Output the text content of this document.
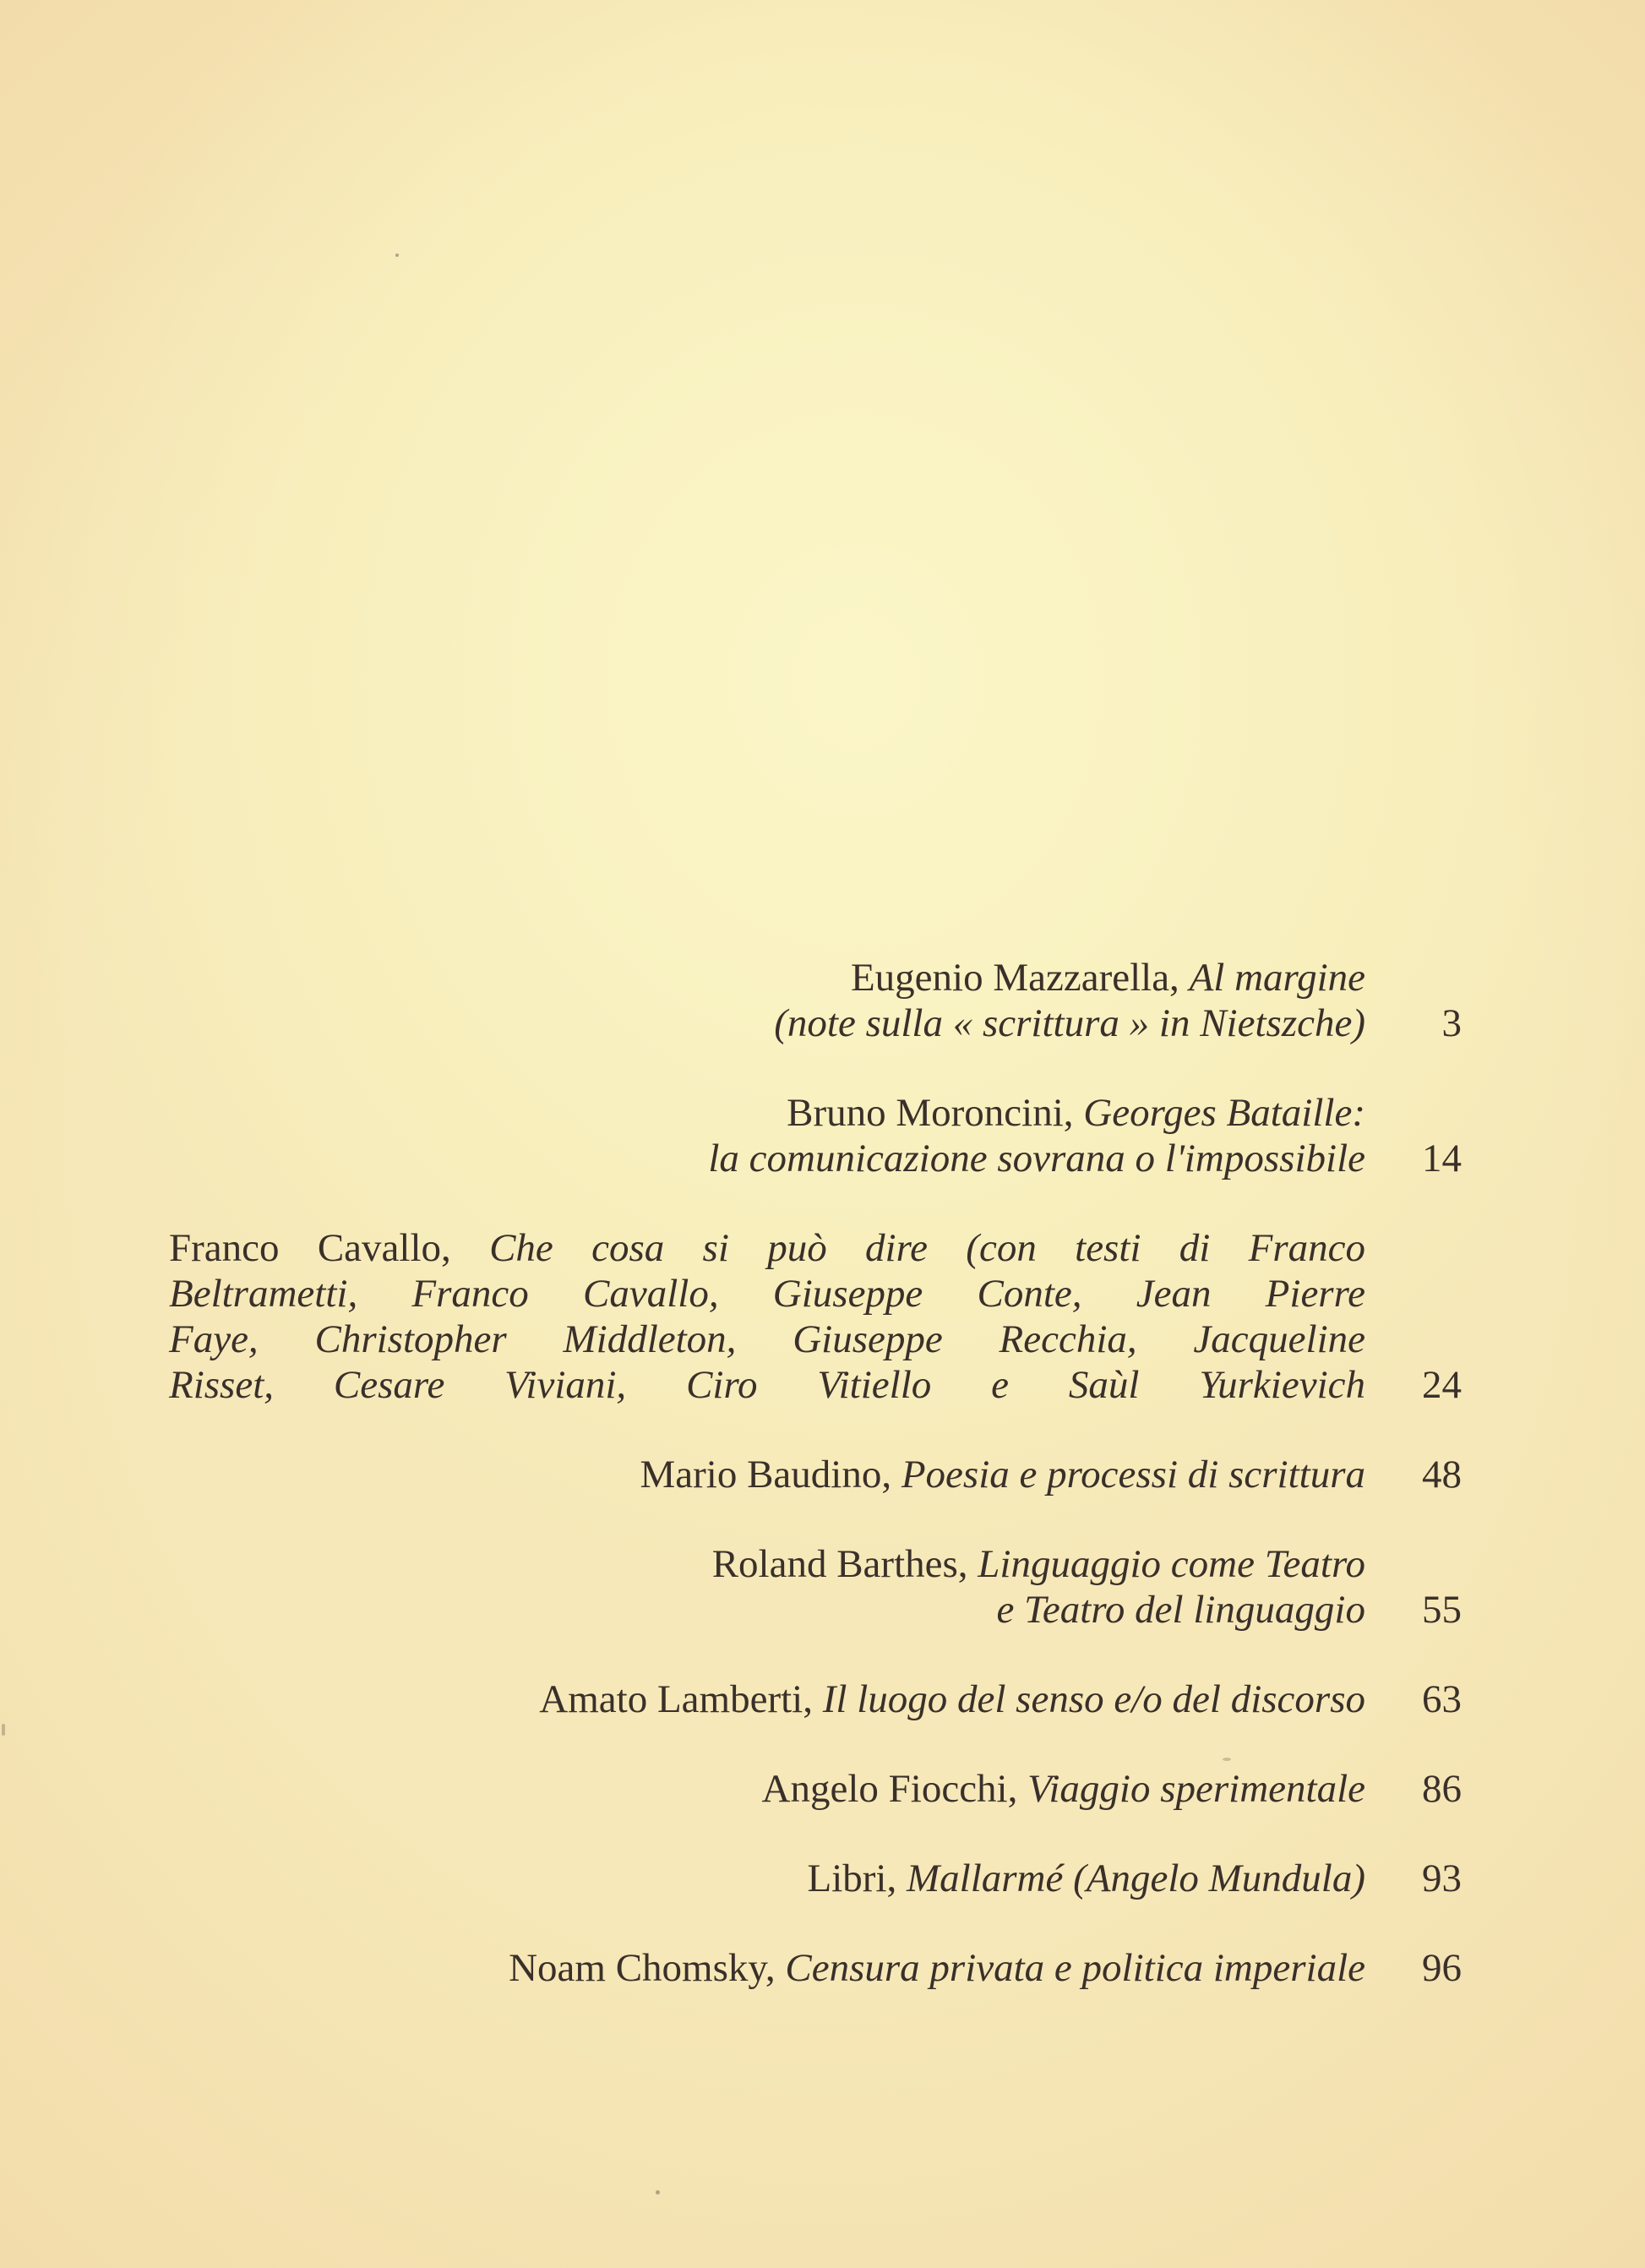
Eugenio Mazzarella, Al margine
(note sulla « scrittura » in Nietszche)	3
Bruno Moroncini, Georges Bataille:
la comunicazione sovrana o l'impossibile	14
Franco Cavallo, Che cosa si può dire (con testi di Franco
Beltrametti, Franco Cavallo, Giuseppe Conte, Jean Pierre
Faye, Christopher Middleton, Giuseppe Recchia, Jacqueline
Risset, Cesare Viviani, Ciro Vitiello e Saùl Yurkievich	24
Mario Baudino, Poesia e processi di scrittura	48
Roland Barthes, Linguaggio come Teatro
e Teatro del linguaggio	55
Amato Lamberti, Il luogo del senso e/o del discorso	63
Angelo Fiocchi, Viaggio sperimentale	86
Libri, Mallarmé (Angelo Mundula)	93
Noam Chomsky, Censura privata e politica imperiale	96
